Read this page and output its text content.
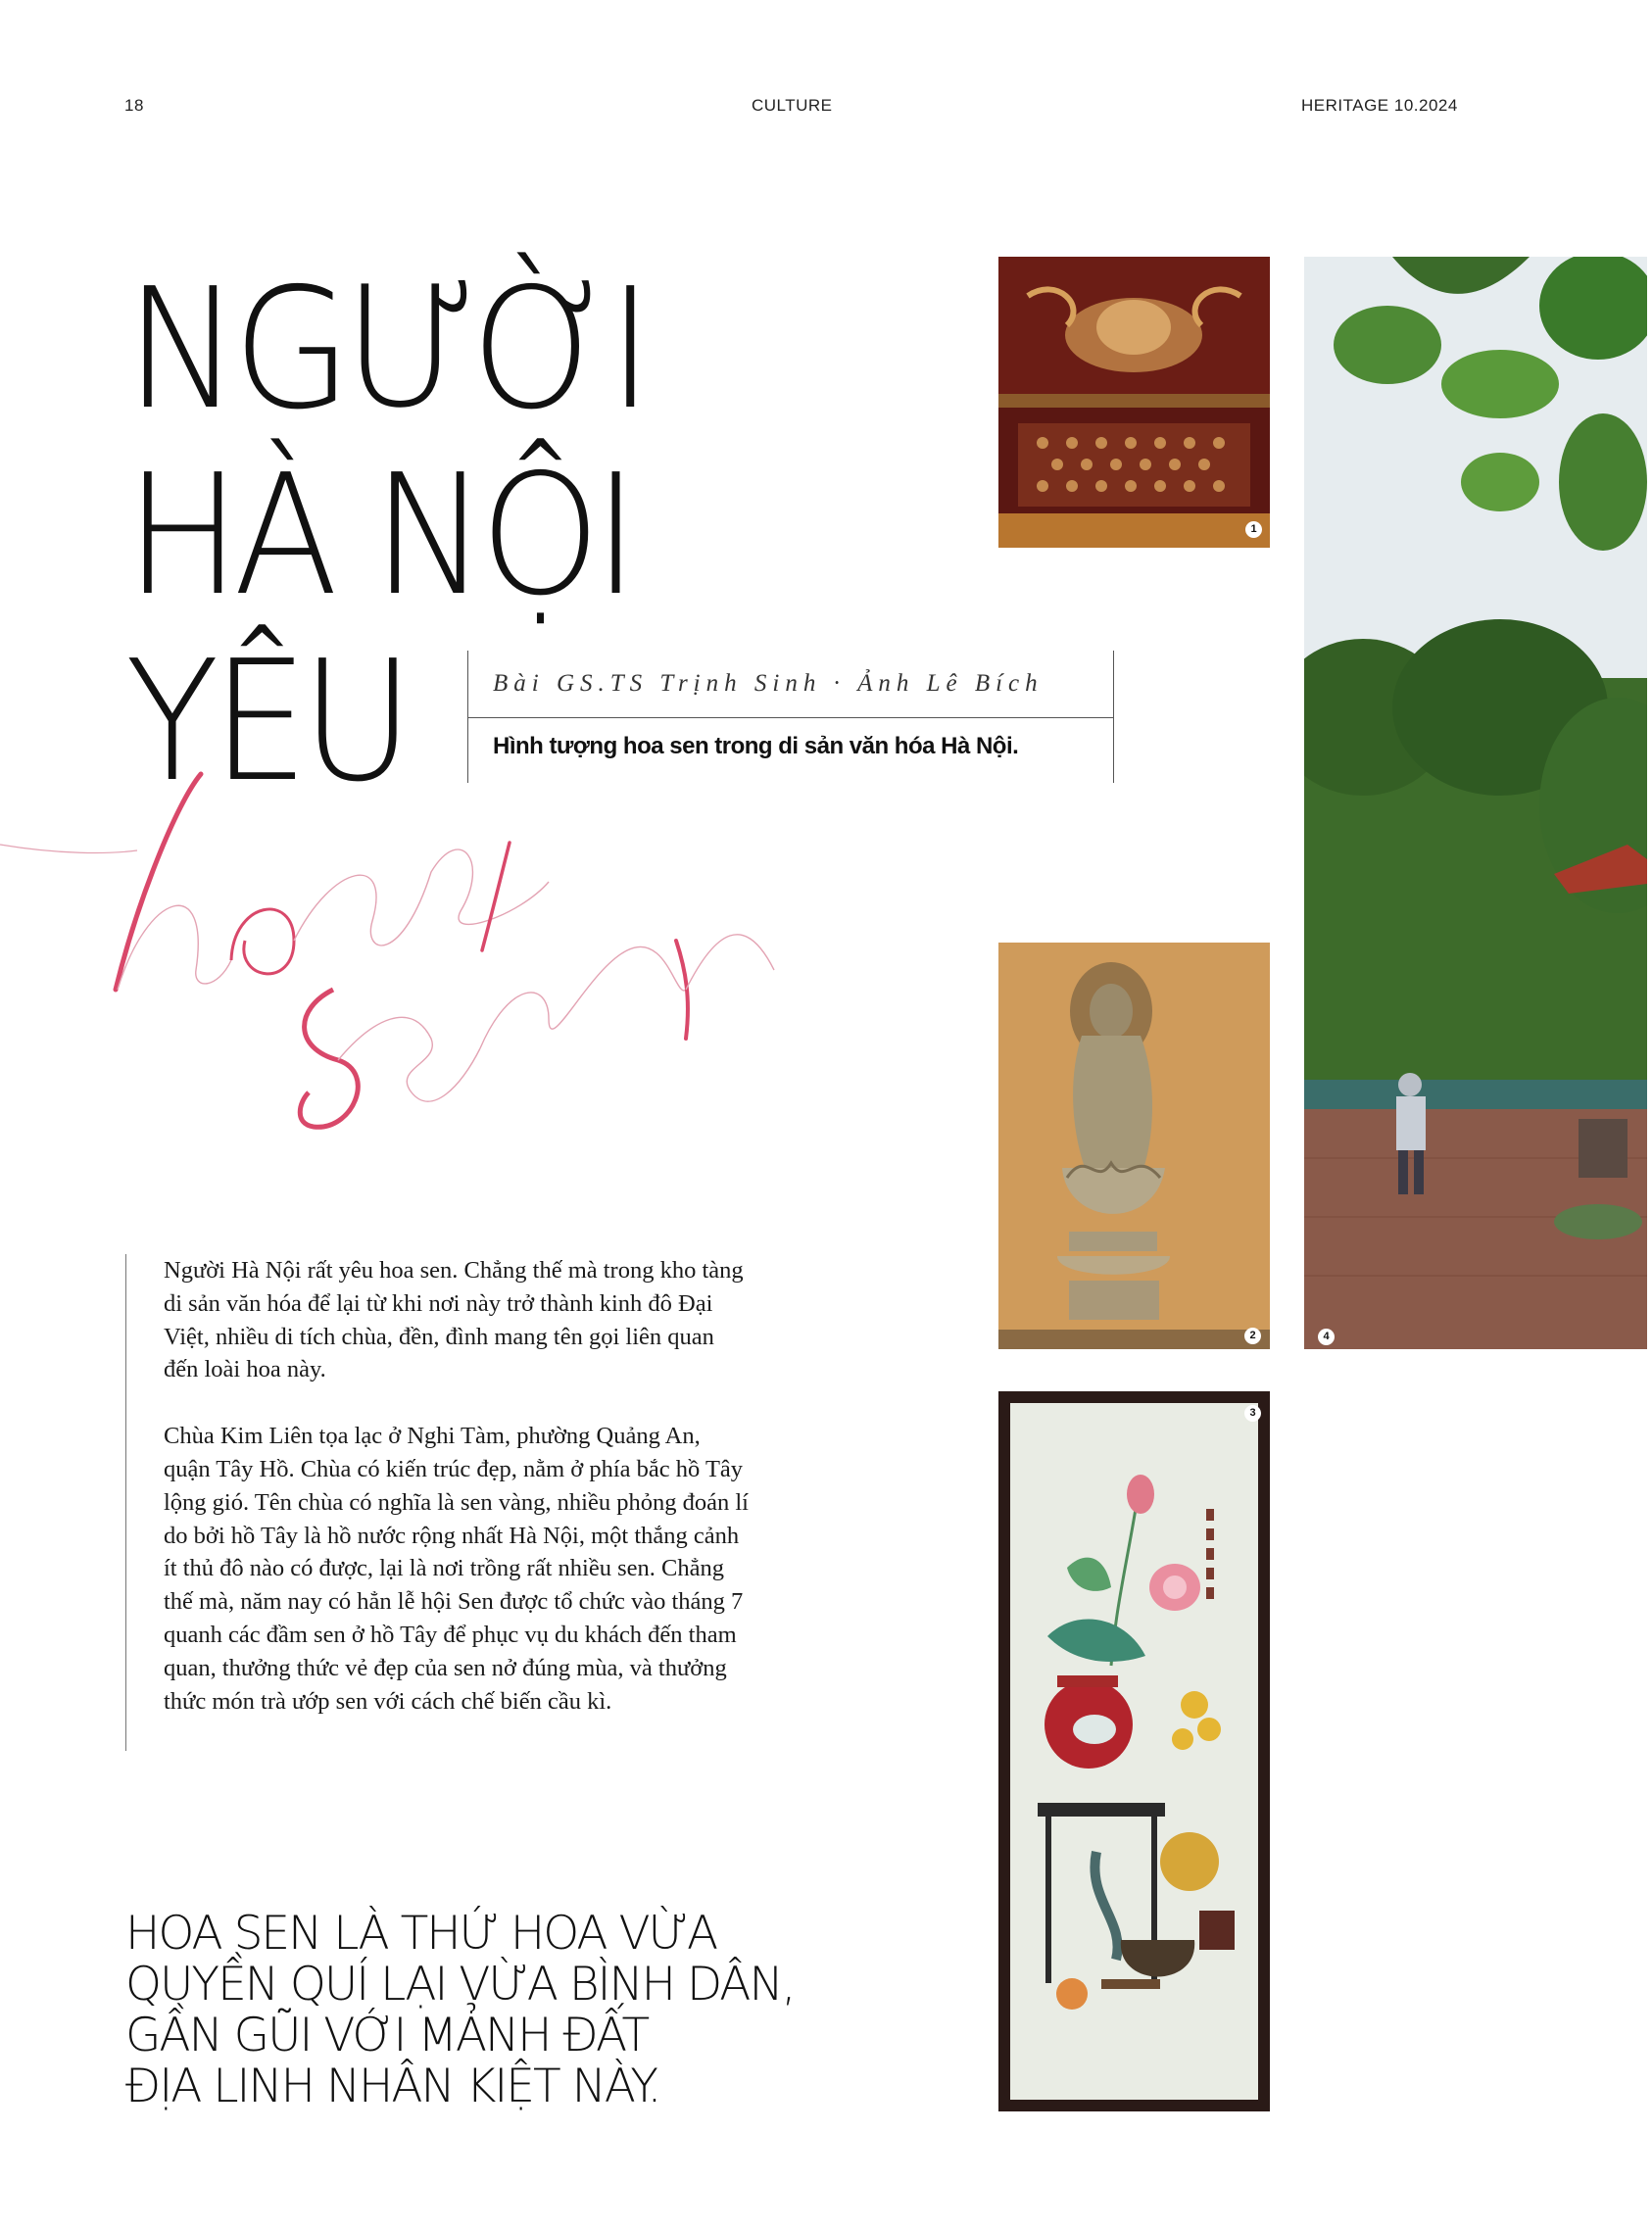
18	CULTURE	HERITAGE 10.2024
NGƯỜI
HÀ NỘI
YÊU	Bài GS.TS Trịnh Sinh · Ảnh Lê Bích
Hình tượng hoa sen trong di sản văn hóa Hà Nội.

Người Hà Nội rất yêu hoa sen. Chẳng thế mà trong kho tàng di sản văn hóa để lại từ khi nơi này trở thành kinh đô Đại Việt, nhiều di tích chùa, đền, đình mang tên gọi liên quan đến loài hoa này.

Chùa Kim Liên tọa lạc ở Nghi Tàm, phường Quảng An, quận Tây Hồ. Chùa có kiến trúc đẹp, nằm ở phía bắc hồ Tây lộng gió. Tên chùa có nghĩa là sen vàng, nhiều phỏng đoán lí do bởi hồ Tây là hồ nước rộng nhất Hà Nội, một thắng cảnh ít thủ đô nào có được, lại là nơi trồng rất nhiều sen. Chẳng thế mà, năm nay có hẳn lễ hội Sen được tổ chức vào tháng 7 quanh các đầm sen ở hồ Tây để phục vụ du khách đến tham quan, thưởng thức vẻ đẹp của sen nở đúng mùa, và thưởng thức món trà ướp sen với cách chế biến cầu kì.

HOA SEN LÀ THỨ HOA VỪA
QUYỀN QUÍ LẠI VỪA BÌNH DÂN,
GẦN GŨI VỚI MẢNH ĐẤT
ĐỊA LINH NHÂN KIỆT NÀY.
1
2
3
4
